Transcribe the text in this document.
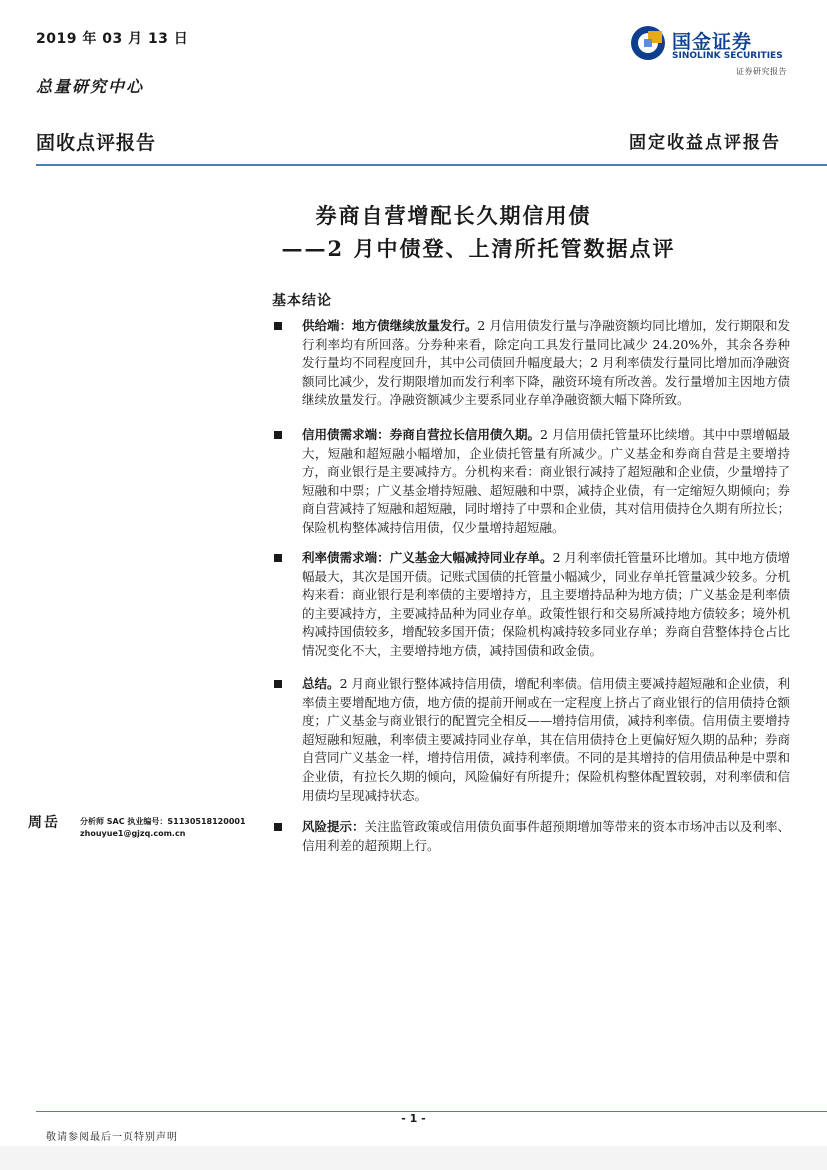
2019 年 03 月 13 日
总量研究中心
国金证券
SINOLINK SECURITIES
证券研究报告
固收点评报告	固定收益点评报告
券商自营增配长久期信用债
——2 月中债登、上清所托管数据点评
基本结论
供给端：地方债继续放量发行。2 月信用债发行量与净融资额均同比增加，发行期限和发行利率均有所回落。分券种来看，除定向工具发行量同比减少 24.20%外，其余各券种发行量均不同程度回升，其中公司债回升幅度最大；2 月利率债发行量同比增加而净融资额同比减少，发行期限增加而发行利率下降，融资环境有所改善。发行量增加主因地方债继续放量发行。净融资额减少主要系同业存单净融资额大幅下降所致。
信用债需求端：券商自营拉长信用债久期。2 月信用债托管量环比续增。其中中票增幅最大，短融和超短融小幅增加，企业债托管量有所减少。广义基金和券商自营是主要增持方，商业银行是主要减持方。分机构来看：商业银行减持了超短融和企业债，少量增持了短融和中票；广义基金增持短融、超短融和中票，减持企业债，有一定缩短久期倾向；券商自营减持了短融和超短融，同时增持了中票和企业债，其对信用债持仓久期有所拉长；保险机构整体减持信用债，仅少量增持超短融。
利率债需求端：广义基金大幅减持同业存单。2 月利率债托管量环比增加。其中地方债增幅最大，其次是国开债。记账式国债的托管量小幅减少，同业存单托管量减少较多。分机构来看：商业银行是利率债的主要增持方，且主要增持品种为地方债；广义基金是利率债的主要减持方，主要减持品种为同业存单。政策性银行和交易所减持地方债较多；境外机构减持国债较多，增配较多国开债；保险机构减持较多同业存单；券商自营整体持仓占比情况变化不大，主要增持地方债，减持国债和政金债。
总结。2 月商业银行整体减持信用债，增配利率债。信用债主要减持超短融和企业债，利率债主要增配地方债，地方债的提前开闸或在一定程度上挤占了商业银行的信用债持仓额度；广义基金与商业银行的配置完全相反——增持信用债，减持利率债。信用债主要增持超短融和短融，利率债主要减持同业存单，其在信用债持仓上更偏好短久期的品种；券商自营同广义基金一样，增持信用债，减持利率债。不同的是其增持的信用债品种是中票和企业债，有拉长久期的倾向，风险偏好有所提升；保险机构整体配置较弱，对利率债和信用债均呈现减持状态。
风险提示：关注监管政策或信用债负面事件超预期增加等带来的资本市场冲击以及利率、信用利差的超预期上行。
周岳	分析师 SAC 执业编号：S1130518120001
zhouyue1@gjzq.com.cn
- 1 -
敬请参阅最后一页特别声明
